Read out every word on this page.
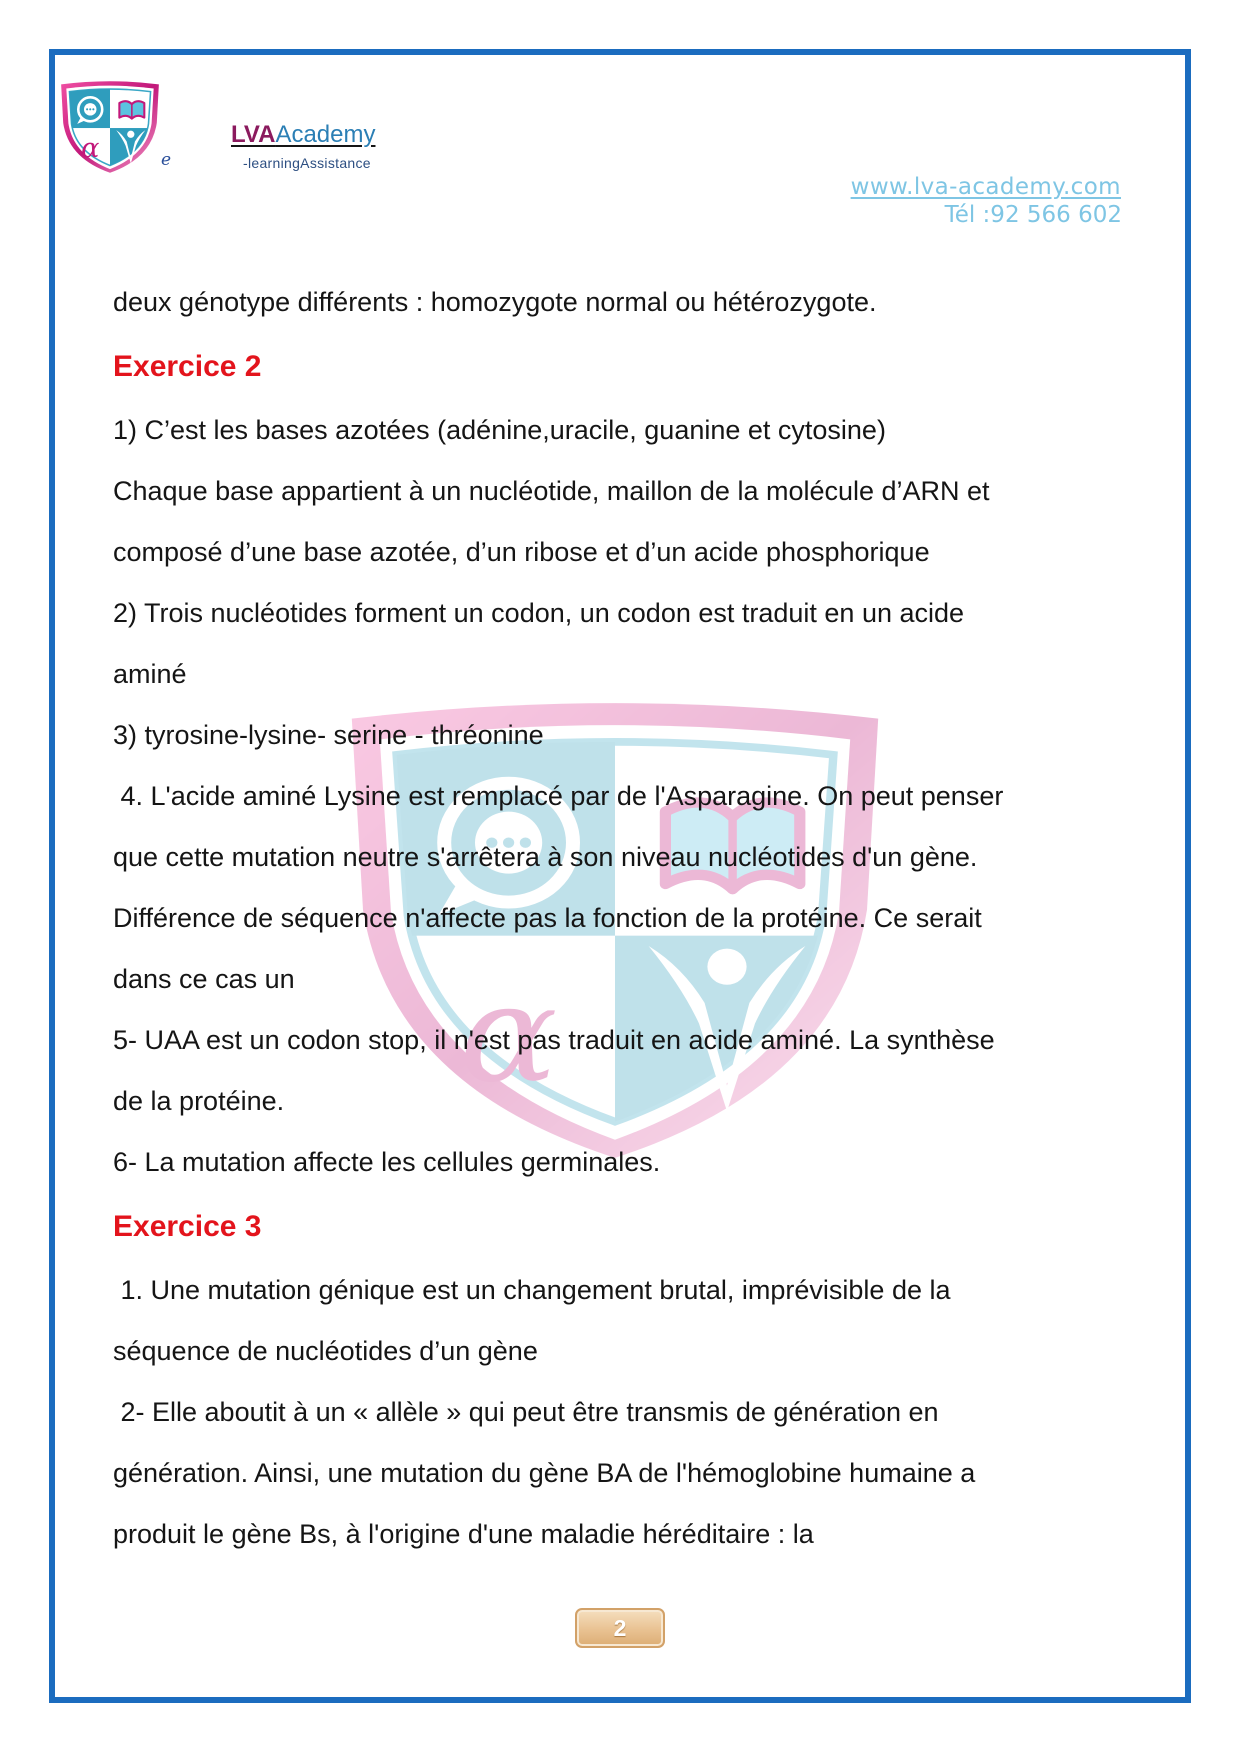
e
LVAAcademy
-learningAssistance
www.lva-academy.com
Tél :92 566 602
deux génotype différents : homozygote normal ou hétérozygote.
Exercice 2
1) C’est les bases azotées (adénine,uracile, guanine et cytosine)
Chaque base appartient à un nucléotide, maillon de la molécule d’ARN et
composé d’une base azotée, d’un ribose et d’un acide phosphorique
2) Trois nucléotides forment un codon, un codon est traduit en un acide
aminé
3) tyrosine-lysine- serine - thréonine
4. L'acide aminé Lysine est remplacé par de l'Asparagine. On peut penser
que cette mutation neutre s'arrêtera à son niveau nucléotides d'un gène.
Différence de séquence n'affecte pas la fonction de la protéine. Ce serait
dans ce cas un
5- UAA est un codon stop, il n'est pas traduit en acide aminé. La synthèse
de la protéine.
6- La mutation affecte les cellules germinales.
Exercice 3
1. Une mutation génique est un changement brutal, imprévisible de la
séquence de nucléotides d’un gène
2- Elle aboutit à un « allèle » qui peut être transmis de génération en
génération. Ainsi, une mutation du gène BA de l'hémoglobine humaine a
produit le gène Bs, à l'origine d'une maladie héréditaire : la
2
